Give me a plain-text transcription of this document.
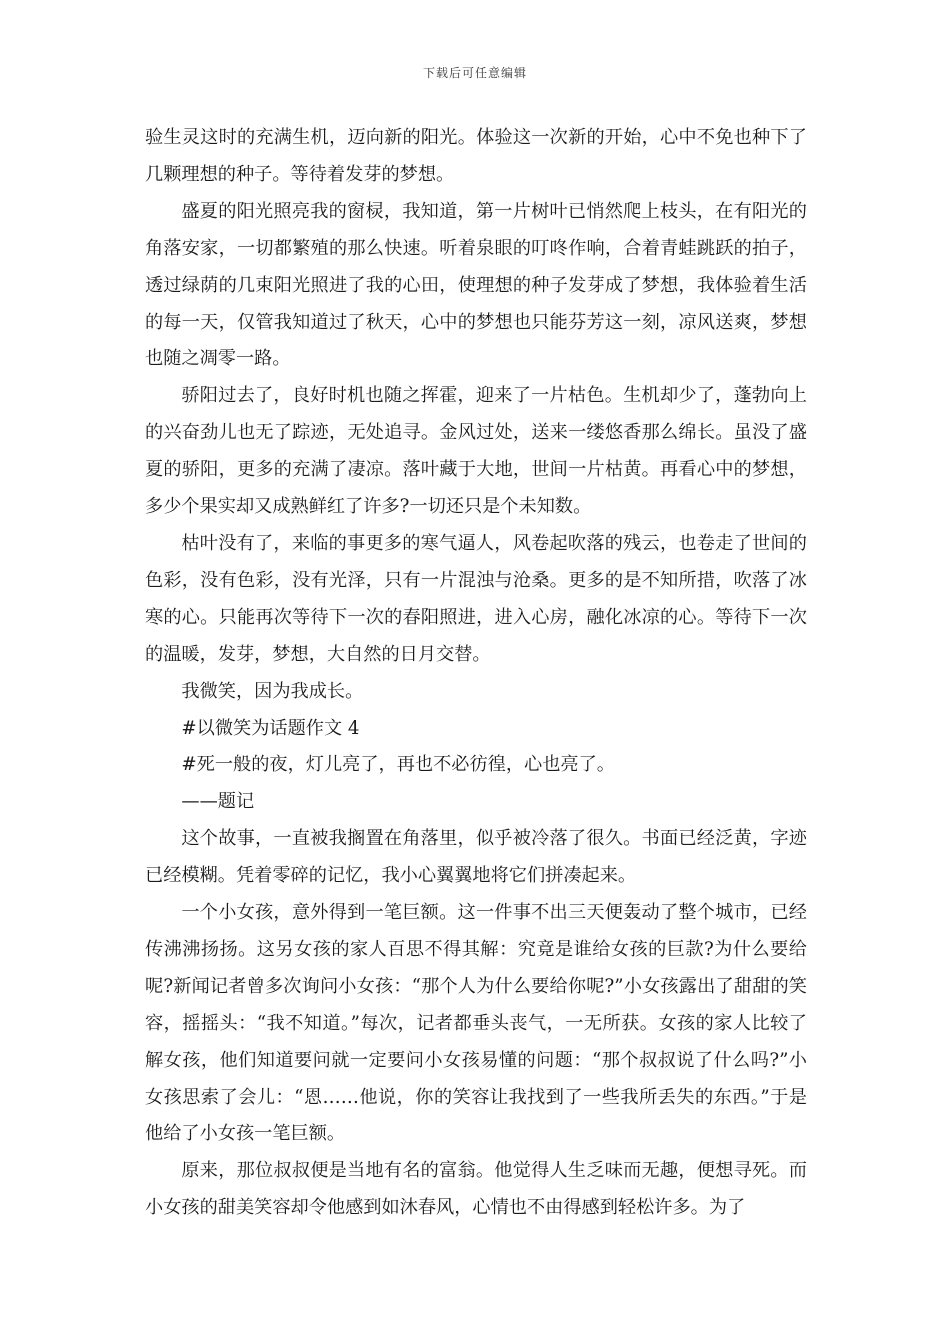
下载后可任意编辑

验生灵这时的充满生机，迈向新的阳光。体验这一次新的开始，心中不免也种下了几颗理想的种子。等待着发芽的梦想。

盛夏的阳光照亮我的窗棂，我知道，第一片树叶已悄然爬上枝头，在有阳光的角落安家，一切都繁殖的那么快速。听着泉眼的叮咚作响，合着青蛙跳跃的拍子，透过绿荫的几束阳光照进了我的心田，使理想的种子发芽成了梦想，我体验着生活的每一天，仅管我知道过了秋天，心中的梦想也只能芬芳这一刻，凉风送爽，梦想也随之凋零一路。

骄阳过去了，良好时机也随之挥霍，迎来了一片枯色。生机却少了，蓬勃向上的兴奋劲儿也无了踪迹，无处追寻。金风过处，送来一缕悠香那么绵长。虽没了盛夏的骄阳，更多的充满了凄凉。落叶藏于大地，世间一片枯黄。再看心中的梦想，多少个果实却又成熟鲜红了许多?一切还只是个未知数。

枯叶没有了，来临的事更多的寒气逼人，风卷起吹落的残云，也卷走了世间的色彩，没有色彩，没有光泽，只有一片混浊与沧桑。更多的是不知所措，吹落了冰寒的心。只能再次等待下一次的春阳照进，进入心房，融化冰凉的心。等待下一次的温暖，发芽，梦想，大自然的日月交替。

我微笑，因为我成长。

#以微笑为话题作文 4

#死一般的夜，灯儿亮了，再也不必彷徨，心也亮了。

——题记

这个故事，一直被我搁置在角落里，似乎被冷落了很久。书面已经泛黄，字迹已经模糊。凭着零碎的记忆，我小心翼翼地将它们拼凑起来。

一个小女孩，意外得到一笔巨额。这一件事不出三天便轰动了整个城市，已经传沸沸扬扬。这另女孩的家人百思不得其解：究竟是谁给女孩的巨款?为什么要给呢?新闻记者曾多次询问小女孩：“那个人为什么要给你呢?”小女孩露出了甜甜的笑容，摇摇头：“我不知道。”每次，记者都垂头丧气，一无所获。女孩的家人比较了解女孩，他们知道要问就一定要问小女孩易懂的问题：“那个叔叔说了什么吗?”小女孩思索了会儿：“恩……他说，你的笑容让我找到了一些我所丢失的东西。”于是他给了小女孩一笔巨额。

原来，那位叔叔便是当地有名的富翁。他觉得人生乏味而无趣，便想寻死。而小女孩的甜美笑容却令他感到如沐春风，心情也不由得感到轻松许多。为了
